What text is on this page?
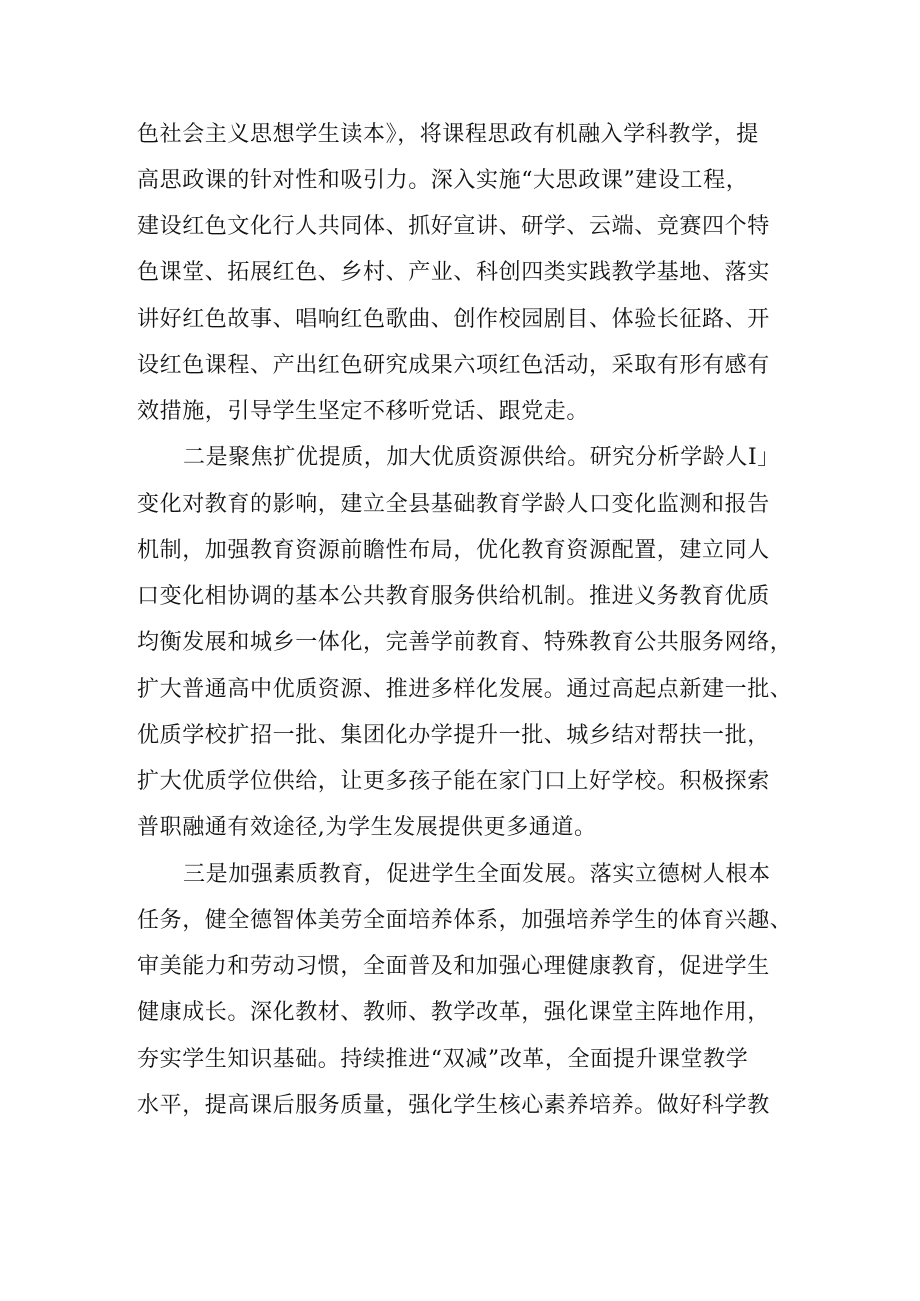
色社会主义思想学生读本》，将课程思政有机融入学科教学，提
高思政课的针对性和吸引力。深入实施“大思政课”建设工程，
建设红色文化行人共同体、抓好宣讲、研学、云端、竞赛四个特
色课堂、拓展红色、乡村、产业、科创四类实践教学基地、落实
讲好红色故事、唱响红色歌曲、创作校园剧目、体验长征路、开
设红色课程、产出红色研究成果六项红色活动，采取有形有感有
效措施，引导学生坚定不移听党话、跟党走。
二是聚焦扩优提质，加大优质资源供给。研究分析学龄人I」
变化对教育的影响，建立全县基础教育学龄人口变化监测和报告
机制，加强教育资源前瞻性布局，优化教育资源配置，建立同人
口变化相协调的基本公共教育服务供给机制。推进义务教育优质
均衡发展和城乡一体化，完善学前教育、特殊教育公共服务网络，
扩大普通高中优质资源、推进多样化发展。通过高起点新建一批、
优质学校扩招一批、集团化办学提升一批、城乡结对帮扶一批，
扩大优质学位供给，让更多孩子能在家门口上好学校。积极探索
普职融通有效途径,为学生发展提供更多通道。
三是加强素质教育，促进学生全面发展。落实立德树人根本
任务，健全德智体美劳全面培养体系，加强培养学生的体育兴趣、
审美能力和劳动习惯，全面普及和加强心理健康教育，促进学生
健康成长。深化教材、教师、教学改革，强化课堂主阵地作用，
夯实学生知识基础。持续推进“双减”改革，全面提升课堂教学
水平，提高课后服务质量，强化学生核心素养培养。做好科学教
